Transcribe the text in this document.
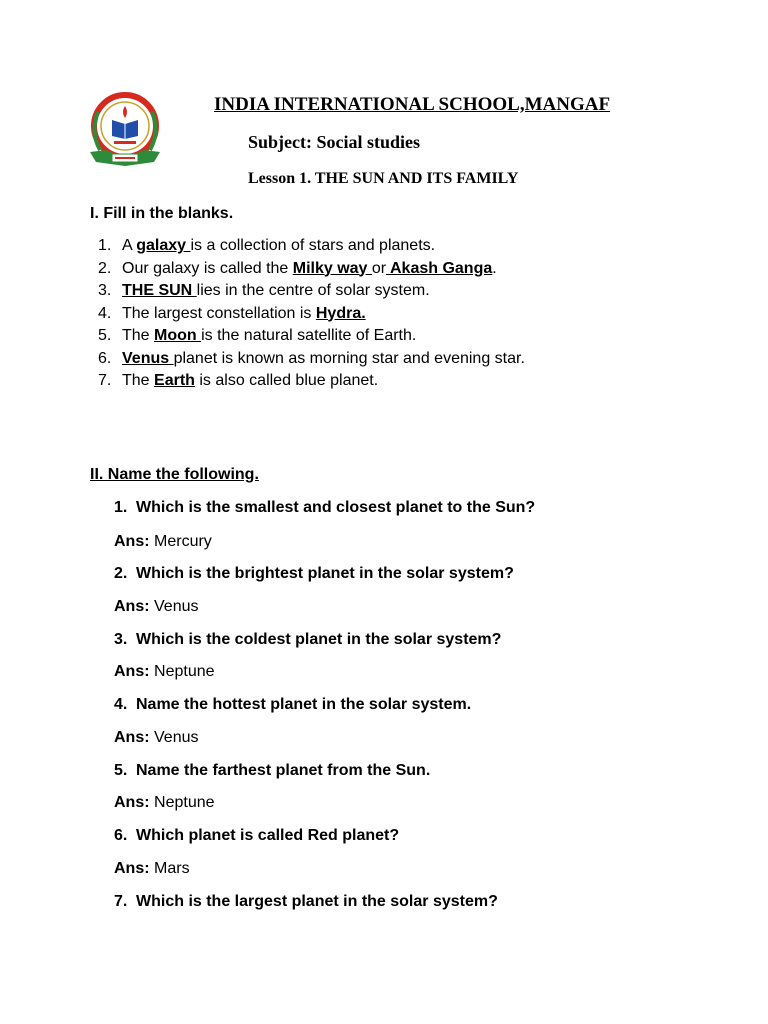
INDIA INTERNATIONAL SCHOOL,MANGAF
Subject: Social studies
Lesson 1. THE SUN AND ITS FAMILY
I. Fill in the blanks.
1. A galaxy is a collection of stars and planets.
2. Our galaxy is called the Milky way or Akash Ganga.
3. THE SUN lies in the centre of solar system.
4. The largest constellation is Hydra.
5. The Moon is the natural satellite of Earth.
6. Venus planet is known as morning star and evening star.
7. The Earth is also called blue planet.
II. Name the following.
1. Which is the smallest and closest planet to the Sun?
Ans: Mercury
2. Which is the brightest planet in the solar system?
Ans: Venus
3. Which is the coldest planet in the solar system?
Ans: Neptune
4. Name the hottest planet in the solar system.
Ans: Venus
5. Name the farthest planet from the Sun.
Ans: Neptune
6. Which planet is called Red planet?
Ans: Mars
7. Which is the largest planet in the solar system?
